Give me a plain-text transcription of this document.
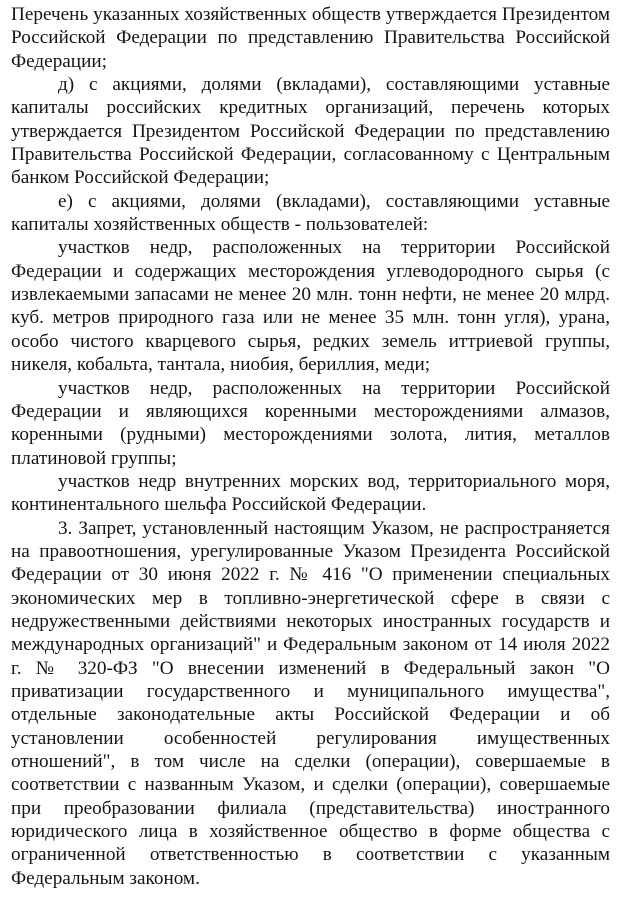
Перечень указанных хозяйственных обществ утверждается Президентом Российской Федерации по представлению Правительства Российской Федерации;

д) с акциями, долями (вкладами), составляющими уставные капиталы российских кредитных организаций, перечень которых утверждается Президентом Российской Федерации по представлению Правительства Российской Федерации, согласованному с Центральным банком Российской Федерации;

е) с акциями, долями (вкладами), составляющими уставные капиталы хозяйственных обществ - пользователей:

участков недр, расположенных на территории Российской Федерации и содержащих месторождения углеводородного сырья (с извлекаемыми запасами не менее 20 млн. тонн нефти, не менее 20 млрд. куб. метров природного газа или не менее 35 млн. тонн угля), урана, особо чистого кварцевого сырья, редких земель иттриевой группы, никеля, кобальта, тантала, ниобия, бериллия, меди;

участков недр, расположенных на территории Российской Федерации и являющихся коренными месторождениями алмазов, коренными (рудными) месторождениями золота, лития, металлов платиновой группы;

участков недр внутренних морских вод, территориального моря, континентального шельфа Российской Федерации.

3. Запрет, установленный настоящим Указом, не распространяется на правоотношения, урегулированные Указом Президента Российской Федерации от 30 июня 2022 г. № 416 "О применении специальных экономических мер в топливно-энергетической сфере в связи с недружественными действиями некоторых иностранных государств и международных организаций" и Федеральным законом от 14 июля 2022 г. № 320-ФЗ "О внесении изменений в Федеральный закон "О приватизации государственного и муниципального имущества", отдельные законодательные акты Российской Федерации и об установлении особенностей регулирования имущественных отношений", в том числе на сделки (операции), совершаемые в соответствии с названным Указом, и сделки (операции), совершаемые при преобразовании филиала (представительства) иностранного юридического лица в хозяйственное общество в форме общества с ограниченной ответственностью в соответствии с указанным Федеральным законом.
